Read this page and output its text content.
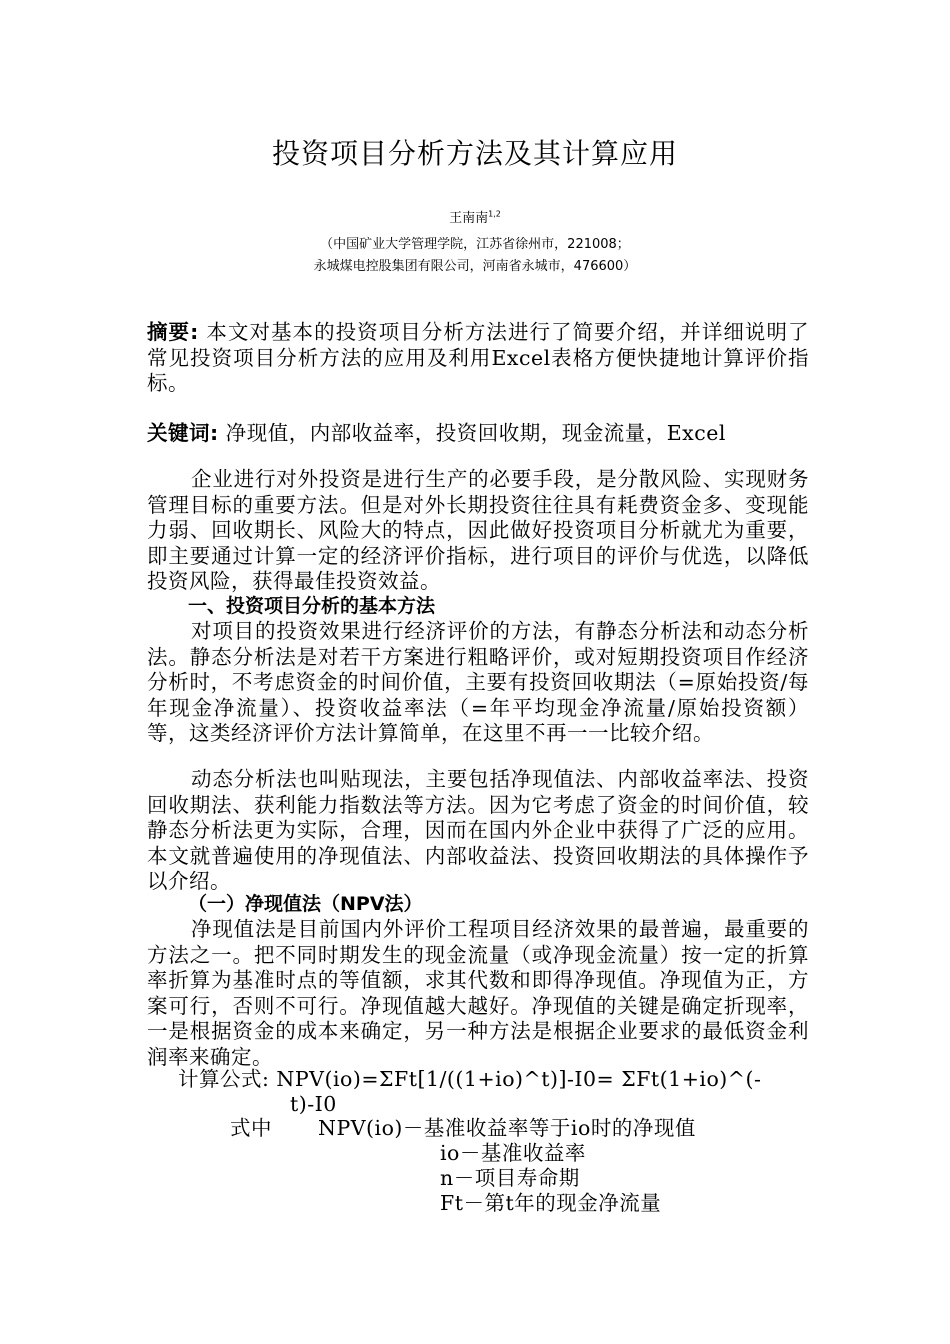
投资项目分析方法及其计算应用
王南南$^{1,2}$
（中国矿业大学管理学院，江苏省徐州市，221008；
永城煤电控股集团有限公司，河南省永城市，476600）
摘要: 本文对基本的投资项目分析方法进行了简要介绍，并详细说明了常见投资项目分析方法的应用及利用Excel表格方便快捷地计算评价指标。
关键词: 净现值，内部收益率，投资回收期，现金流量，Excel
企业进行对外投资是进行生产的必要手段，是分散风险、实现财务管理目标的重要方法。但是对外长期投资往往具有耗费资金多、变现能力弱、回收期长、风险大的特点，因此做好投资项目分析就尤为重要，即主要通过计算一定的经济评价指标，进行项目的评价与优选，以降低投资风险，获得最佳投资效益。
一、投资项目分析的基本方法
对项目的投资效果进行经济评价的方法，有静态分析法和动态分析法。静态分析法是对若干方案进行粗略评价，或对短期投资项目作经济分析时，不考虑资金的时间价值，主要有投资回收期法（=原始投资/每年现金净流量）、投资收益率法（=年平均现金净流量/原始投资额）等，这类经济评价方法计算简单，在这里不再一一比较介绍。
动态分析法也叫贴现法，主要包括净现值法、内部收益率法、投资回收期法、获利能力指数法等方法。因为它考虑了资金的时间价值，较静态分析法更为实际，合理，因而在国内外企业中获得了广泛的应用。本文就普遍使用的净现值法、内部收益法、投资回收期法的具体操作予以介绍。
（一）净现值法（NPV法）
净现值法是目前国内外评价工程项目经济效果的最普遍，最重要的方法之一。把不同时期发生的现金流量（或净现金流量）按一定的折算率折算为基准时点的等值额，求其代数和即得净现值。净现值为正，方案可行，否则不可行。净现值越大越好。净现值的关键是确定折现率，一是根据资金的成本来确定，另一种方法是根据企业要求的最低资金利润率来确定。
计算公式: NPV(io)=ΣFt[1/((1+io)^t)]-I0= ΣFt(1+io)^(-
t)-I0
式中 NPV(io)－基准收益率等于io时的净现值
io－基准收益率
n－项目寿命期
Ft－第t年的现金净流量
